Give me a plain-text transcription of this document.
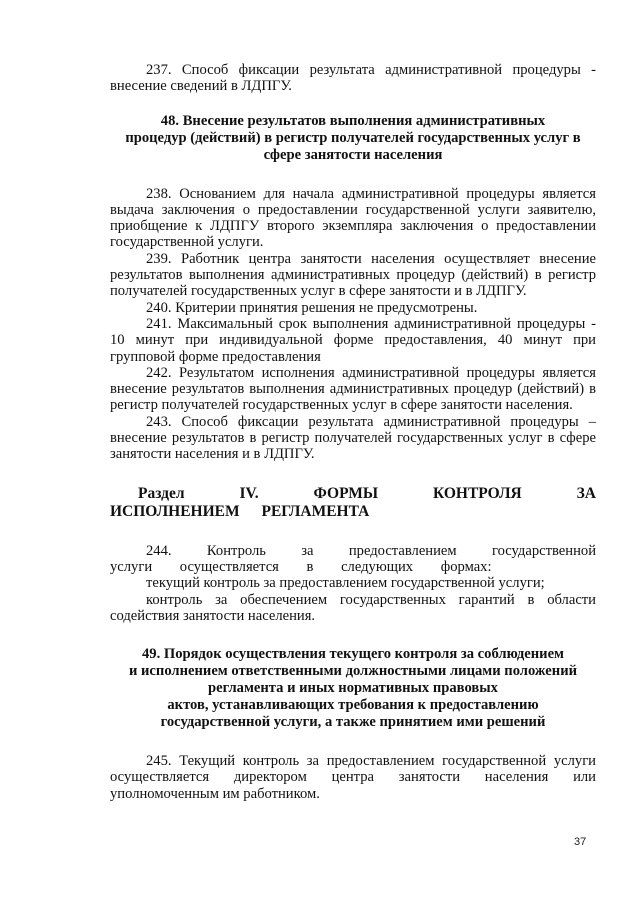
237. Способ фиксации результата административной процедуры - внесение сведений в ЛДПГУ.

48. Внесение результатов выполнения административных

процедур (действий) в регистр получателей государственных услуг в

сфере занятости населения

238. Основанием для начала административной процедуры является выдача заключения о предоставлении государственной услуги заявителю, приобщение к ЛДПГУ второго экземпляра заключения о предоставлении государственной услуги.

239. Работник центра занятости населения осуществляет внесение результатов выполнения административных процедур (действий) в регистр получателей государственных услуг в сфере занятости и в ЛДПГУ.

240. Критерии принятия решения не предусмотрены.

241. Максимальный срок выполнения административной процедуры - 10 минут при индивидуальной форме предоставления, 40 минут при групповой форме предоставления

242. Результатом исполнения административной процедуры является внесение результатов выполнения административных процедур (действий) в регистр получателей государственных услуг в сфере занятости населения.

243. Способ фиксации результата административной процедуры – внесение результатов в регистр получателей государственных услуг в сфере занятости населения и в ЛДПГУ.

Раздел IV. ФОРМЫ КОНТРОЛЯ ЗА ИСПОЛНЕНИЕМ РЕГЛАМЕНТА

244. Контроль за предоставлением государственной услуги осуществляется в следующих формах:

текущий контроль за предоставлением государственной услуги;

контроль за обеспечением государственных гарантий в области содействия занятости населения.

49. Порядок осуществления текущего контроля за соблюдением

и исполнением ответственными должностными лицами положений

регламента и иных нормативных правовых

актов, устанавливающих требования к предоставлению

государственной услуги, а также принятием ими решений

245. Текущий контроль за предоставлением государственной услуги осуществляется директором центра занятости населения или уполномоченным им работником.

37
